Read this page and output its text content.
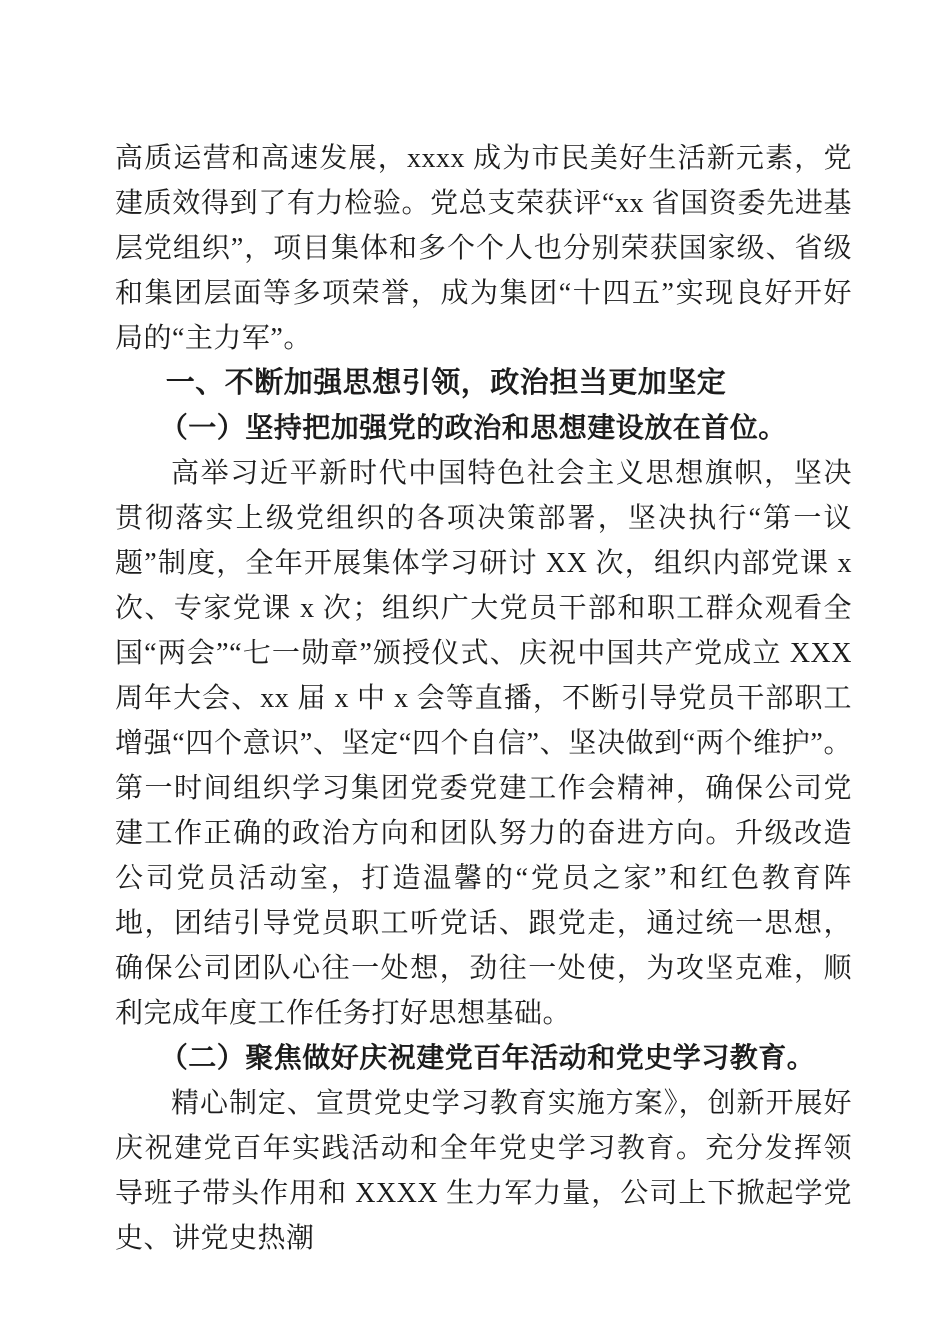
高质运营和高速发展，xxxx 成为市民美好生活新元素，党建质效得到了有力检验。党总支荣获评“xx 省国资委先进基层党组织”，项目集体和多个个人也分别荣获国家级、省级和集团层面等多项荣誉，成为集团“十四五”实现良好开好局的“主力军”。

一、不断加强思想引领，政治担当更加坚定
（一）坚持把加强党的政治和思想建设放在首位。

高举习近平新时代中国特色社会主义思想旗帜，坚决贯彻落实上级党组织的各项决策部署，坚决执行“第一议题”制度，全年开展集体学习研讨 XX 次，组织内部党课 x 次、专家党课 x 次；组织广大党员干部和职工群众观看全国“两会”“七一勋章”颁授仪式、庆祝中国共产党成立 XXX 周年大会、xx 届 x 中 x 会等直播，不断引导党员干部职工增强“四个意识”、坚定“四个自信”、坚决做到“两个维护”。第一时间组织学习集团党委党建工作会精神，确保公司党建工作正确的政治方向和团队努力的奋进方向。升级改造公司党员活动室，打造温馨的“党员之家”和红色教育阵地，团结引导党员职工听党话、跟党走，通过统一思想，确保公司团队心往一处想，劲往一处使，为攻坚克难，顺利完成年度工作任务打好思想基础。

（二）聚焦做好庆祝建党百年活动和党史学习教育。

精心制定、宣贯党史学习教育实施方案》，创新开展好庆祝建党百年实践活动和全年党史学习教育。充分发挥领导班子带头作用和 XXXX 生力军力量，公司上下掀起学党史、讲党史热潮
